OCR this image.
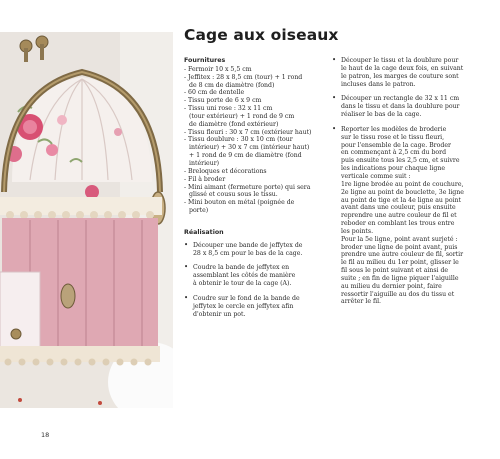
Cage aux oiseaux
Fournitures
- Fermoir 10 x 5,5 cm
- Jeffitex : 28 x 8,5 cm (tour) + 1 rond
de 8 cm de diamètre (fond)
- 60 cm de dentelle
- Tissu porte de 6 x 9 cm
- Tissu uni rose : 32 x 11 cm
(tour extérieur) + 1 rond de 9 cm
de diamètre (fond extérieur)
- Tissu fleuri : 30 x 7 cm (extérieur haut)
- Tissu doublure : 30 x 10 cm (tour
intérieur) + 30 x 7 cm (intérieur haut)
+ 1 rond de 9 cm de diamètre (fond
intérieur)
- Breloques et décorations
- Fil à broder
- Mini aimant (fermeture porte) qui sera
glissé et cousu sous le tissu.
- Mini bouton en métal (poignée de
porte)
Réalisation
• Découper une bande de jeffytex de
28 x 8,5 cm pour le bas de la cage.
• Coudre la bande de jeffytex en
assemblant les côtés de manière
à obtenir le tour de la cage (A).
• Coudre sur le fond de la bande de
jeffytex le cercle en jeffytex afin
d'obtenir un pot.
• Découper le tissu et la doublure pour
le haut de la cage deux fois, en suivant
le patron, les marges de couture sont
incluses dans le patron.
• Découper un rectangle de 32 x 11 cm
dans le tissu et dans la doublure pour
réaliser le bas de la cage.
• Reporter les modèles de broderie
sur le tissu rose et le tissu fleuri,
pour l'ensemble de la cage. Broder
en commençant à 2,5 cm du bord
puis ensuite tous les 2,5 cm, et suivre
les indications pour chaque ligne
verticale comme suit :
1re ligne brodée au point de couchure,
2e ligne au point de bouclette, 3e ligne
au point de tige et la 4e ligne au point
avant dans une couleur, puis ensuite
reprendre une autre couleur de fil et
reboder en comblant les trous entre
les points.
Pour la 5e ligne, point avant surjeté :
broder une ligne de point avant, puis
prendre une autre couleur de fil, sortir
le fil au milieu du 1er point, glisser le
fil sous le point suivant et ainsi de
suite ; en fin de ligne piquer l'aiguille
au milieu du dernier point, faire
ressortir l'aiguille au dos du tissu et
arrêter le fil.
18
